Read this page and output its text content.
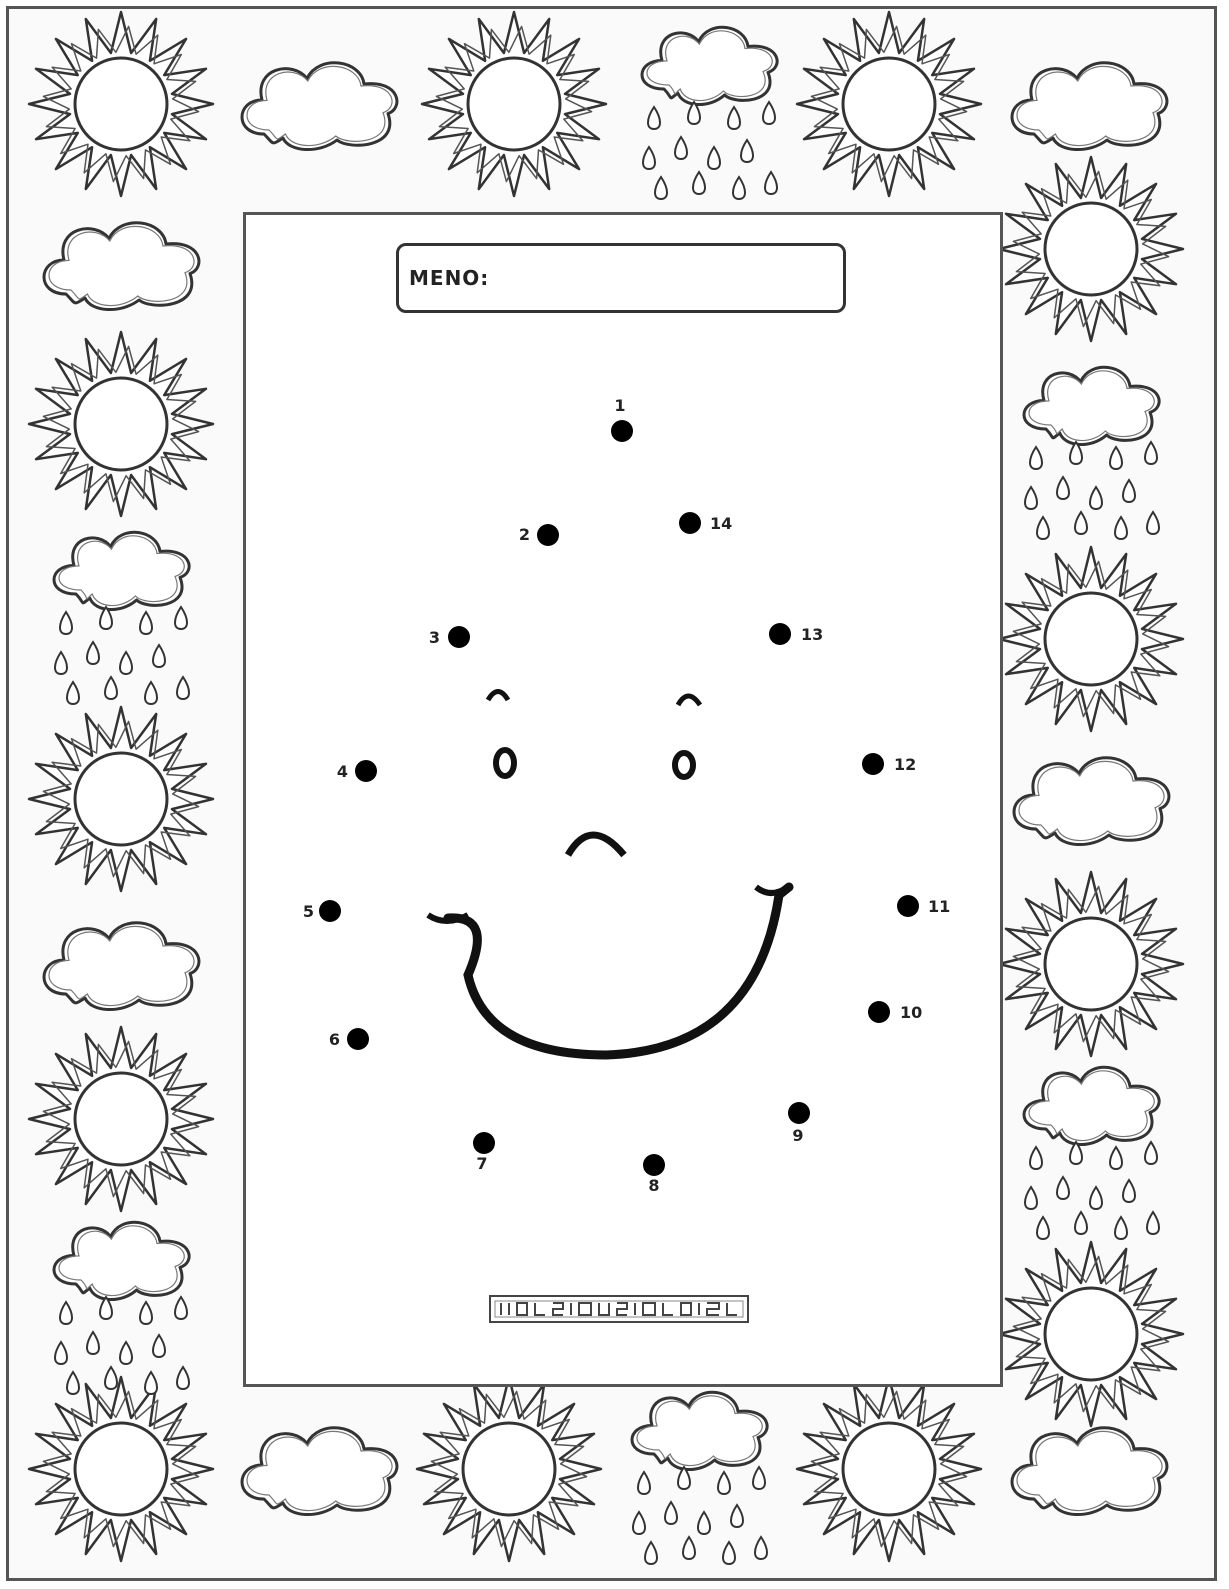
MENO:
1
2
3
4
5
6
7
8
9
10
11
12
13
14
